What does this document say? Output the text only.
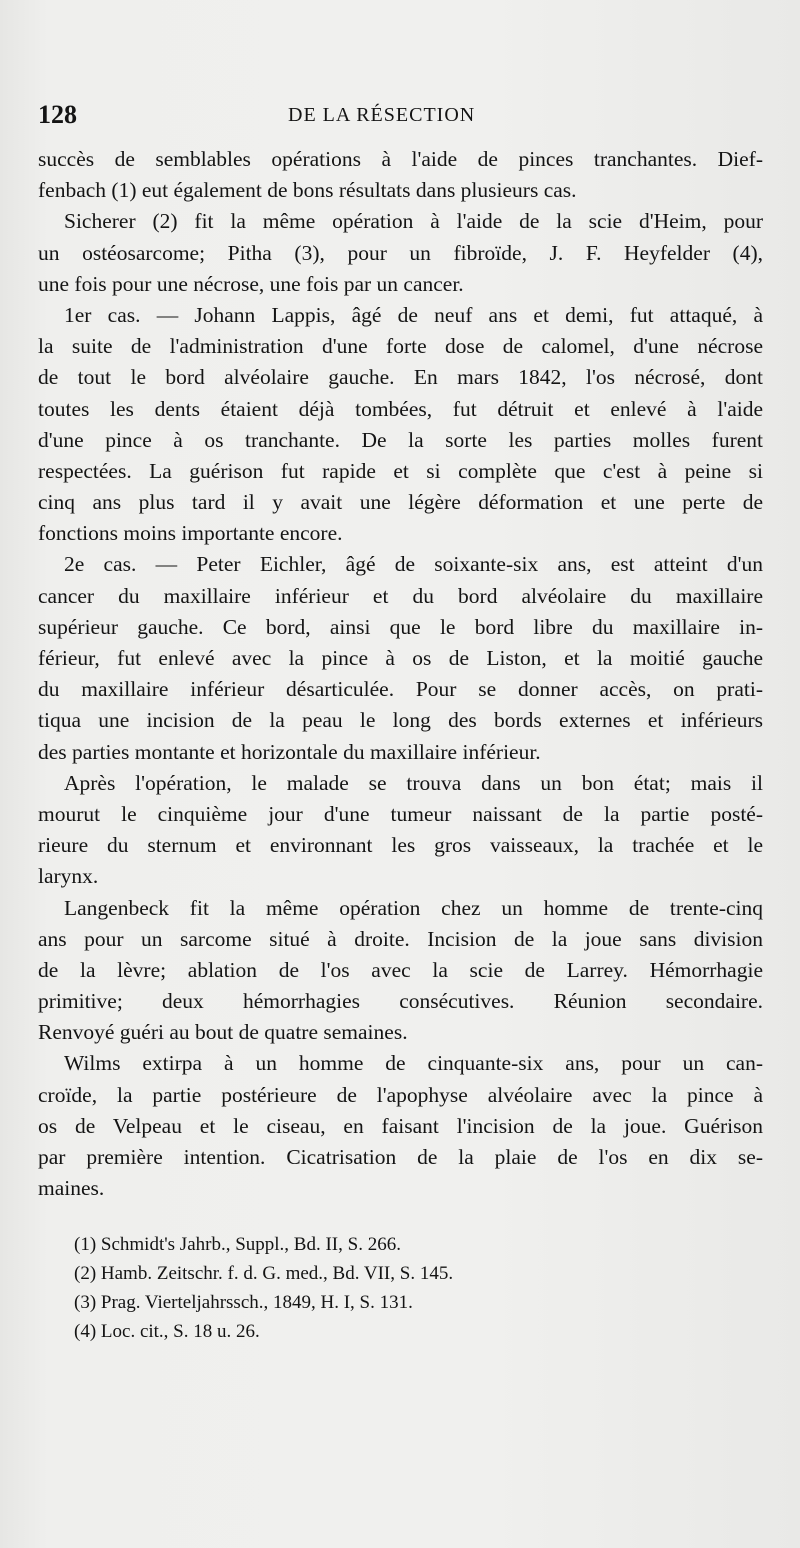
128	DE LA RÉSECTION
succès de semblables opérations à l'aide de pinces tranchantes. Dief-
fenbach (1) eut également de bons résultats dans plusieurs cas.
Sicherer (2) fit la même opération à l'aide de la scie d'Heim, pour
un ostéosarcome; Pitha (3), pour un fibroïde, J. F. Heyfelder (4),
une fois pour une nécrose, une fois par un cancer.
1er cas. — Johann Lappis, âgé de neuf ans et demi, fut attaqué, à
la suite de l'administration d'une forte dose de calomel, d'une nécrose
de tout le bord alvéolaire gauche. En mars 1842, l'os nécrosé, dont
toutes les dents étaient déjà tombées, fut détruit et enlevé à l'aide
d'une pince à os tranchante. De la sorte les parties molles furent
respectées. La guérison fut rapide et si complète que c'est à peine si
cinq ans plus tard il y avait une légère déformation et une perte de
fonctions moins importante encore.
2e cas. — Peter Eichler, âgé de soixante-six ans, est atteint d'un
cancer du maxillaire inférieur et du bord alvéolaire du maxillaire
supérieur gauche. Ce bord, ainsi que le bord libre du maxillaire in-
férieur, fut enlevé avec la pince à os de Liston, et la moitié gauche
du maxillaire inférieur désarticulée. Pour se donner accès, on prati-
tiqua une incision de la peau le long des bords externes et inférieurs
des parties montante et horizontale du maxillaire inférieur.
Après l'opération, le malade se trouva dans un bon état; mais il
mourut le cinquième jour d'une tumeur naissant de la partie posté-
rieure du sternum et environnant les gros vaisseaux, la trachée et le
larynx.
Langenbeck fit la même opération chez un homme de trente-cinq
ans pour un sarcome situé à droite. Incision de la joue sans division
de la lèvre; ablation de l'os avec la scie de Larrey. Hémorrhagie
primitive; deux hémorrhagies consécutives. Réunion secondaire.
Renvoyé guéri au bout de quatre semaines.
Wilms extirpa à un homme de cinquante-six ans, pour un can-
croïde, la partie postérieure de l'apophyse alvéolaire avec la pince à
os de Velpeau et le ciseau, en faisant l'incision de la joue. Guérison
par première intention. Cicatrisation de la plaie de l'os en dix se-
maines.
(1) Schmidt's Jahrb., Suppl., Bd. II, S. 266.
(2) Hamb. Zeitschr. f. d. G. med., Bd. VII, S. 145.
(3) Prag. Vierteljahrssch., 1849, H. I, S. 131.
(4) Loc. cit., S. 18 u. 26.
